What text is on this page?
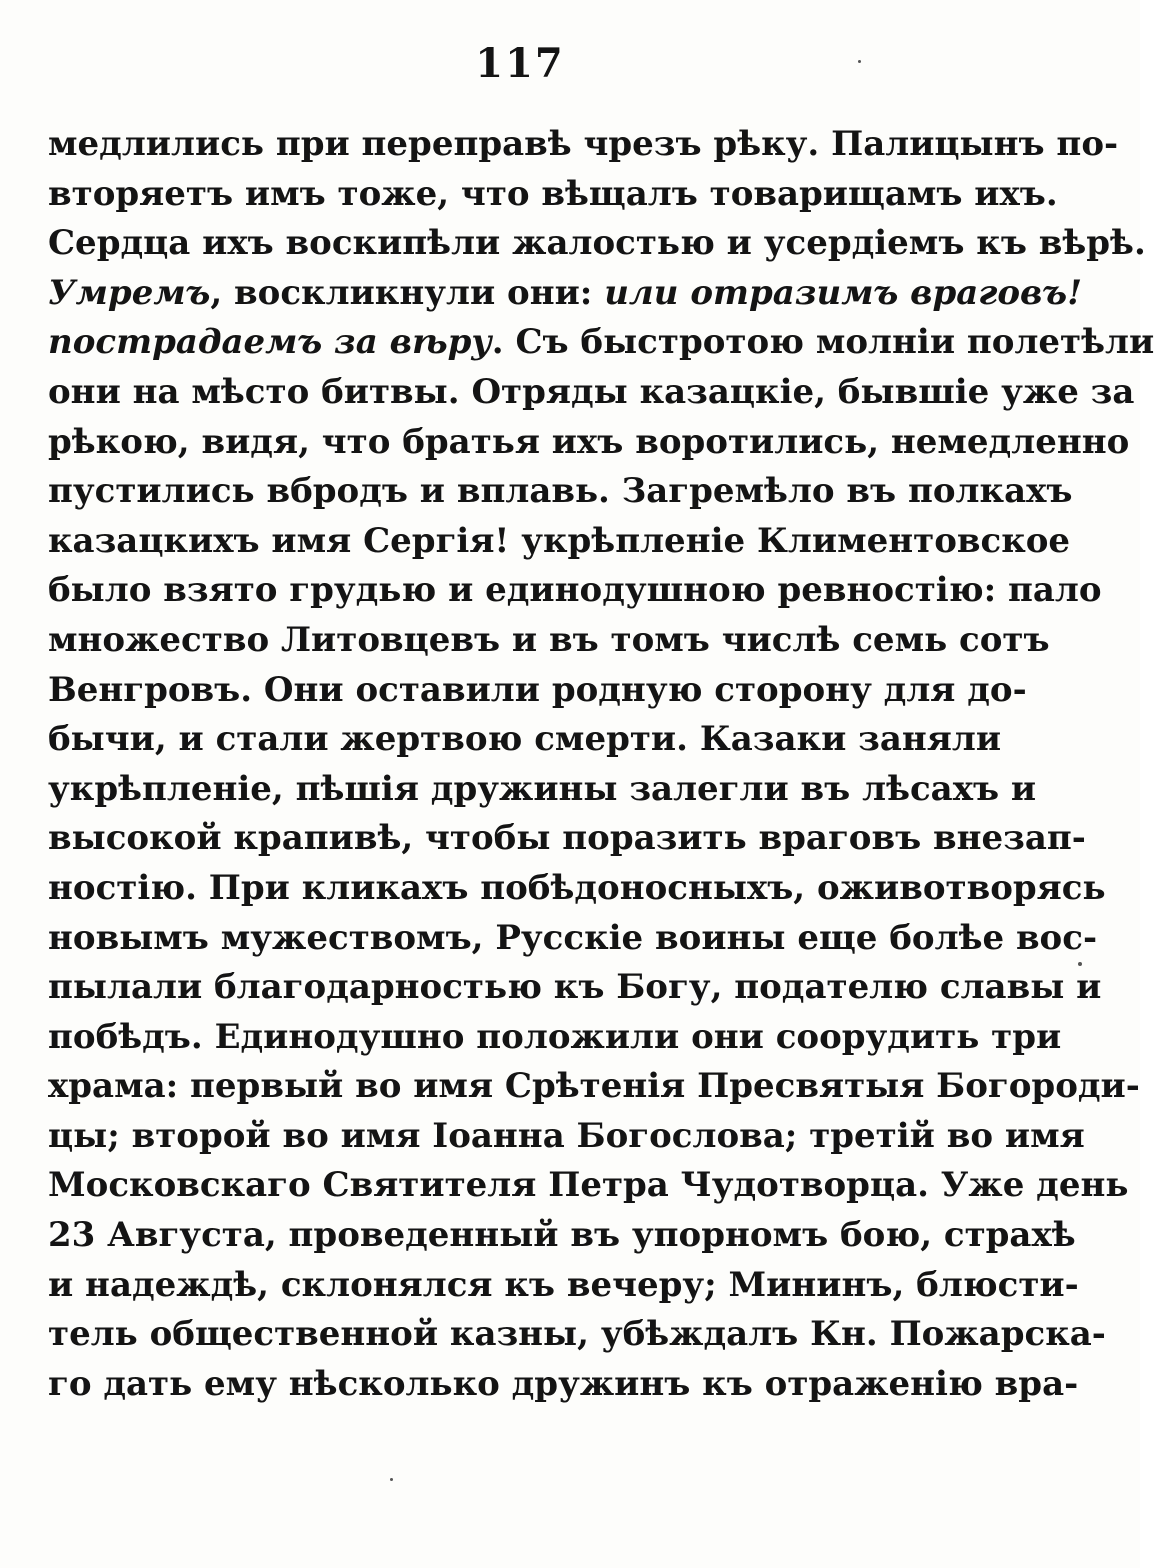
117
медлились при переправѣ чрезъ рѣку. Палицынъ по-
вторяетъ имъ тоже, что вѣщалъ товарищамъ ихъ.
Сердца ихъ воскипѣли жалостью и усердіемъ къ вѣрѣ.
Умремъ, воскликнули они: или отразимъ враговъ!
пострадаемъ за вѣру. Съ быстротою молніи полетѣли
они на мѣсто битвы. Отряды казацкіе, бывшіе уже за
рѣкою, видя, что братья ихъ воротились, немедленно
пустились вбродъ и вплавь. Загремѣло въ полкахъ
казацкихъ имя Сергія! укрѣпленіе Климентовское
было взято грудью и единодушною ревностію: пало
множество Литовцевъ и въ томъ числѣ семь сотъ
Венгровъ. Они оставили родную сторону для до-
бычи, и стали жертвою смерти. Казаки заняли
укрѣпленіе, пѣшія дружины залегли въ лѣсахъ и
высокой крапивѣ, чтобы поразить враговъ внезап-
ностію. При кликахъ побѣдоносныхъ, оживотворясь
новымъ мужествомъ, Русскіе воины еще болѣе вос-
пылали благодарностью къ Богу, подателю славы и
побѣдъ. Единодушно положили они соорудить три
храма: первый во имя Срѣтенія Пресвятыя Богороди-
цы; второй во имя Іоанна Богослова; третій во имя
Московскаго Святителя Петра Чудотворца. Уже день
23 Августа, проведенный въ упорномъ бою, страхѣ
и надеждѣ, склонялся къ вечеру; Мининъ, блюсти-
тель общественной казны, убѣждалъ Кн. Пожарска-
го дать ему нѣсколько дружинъ къ отраженію вра-
